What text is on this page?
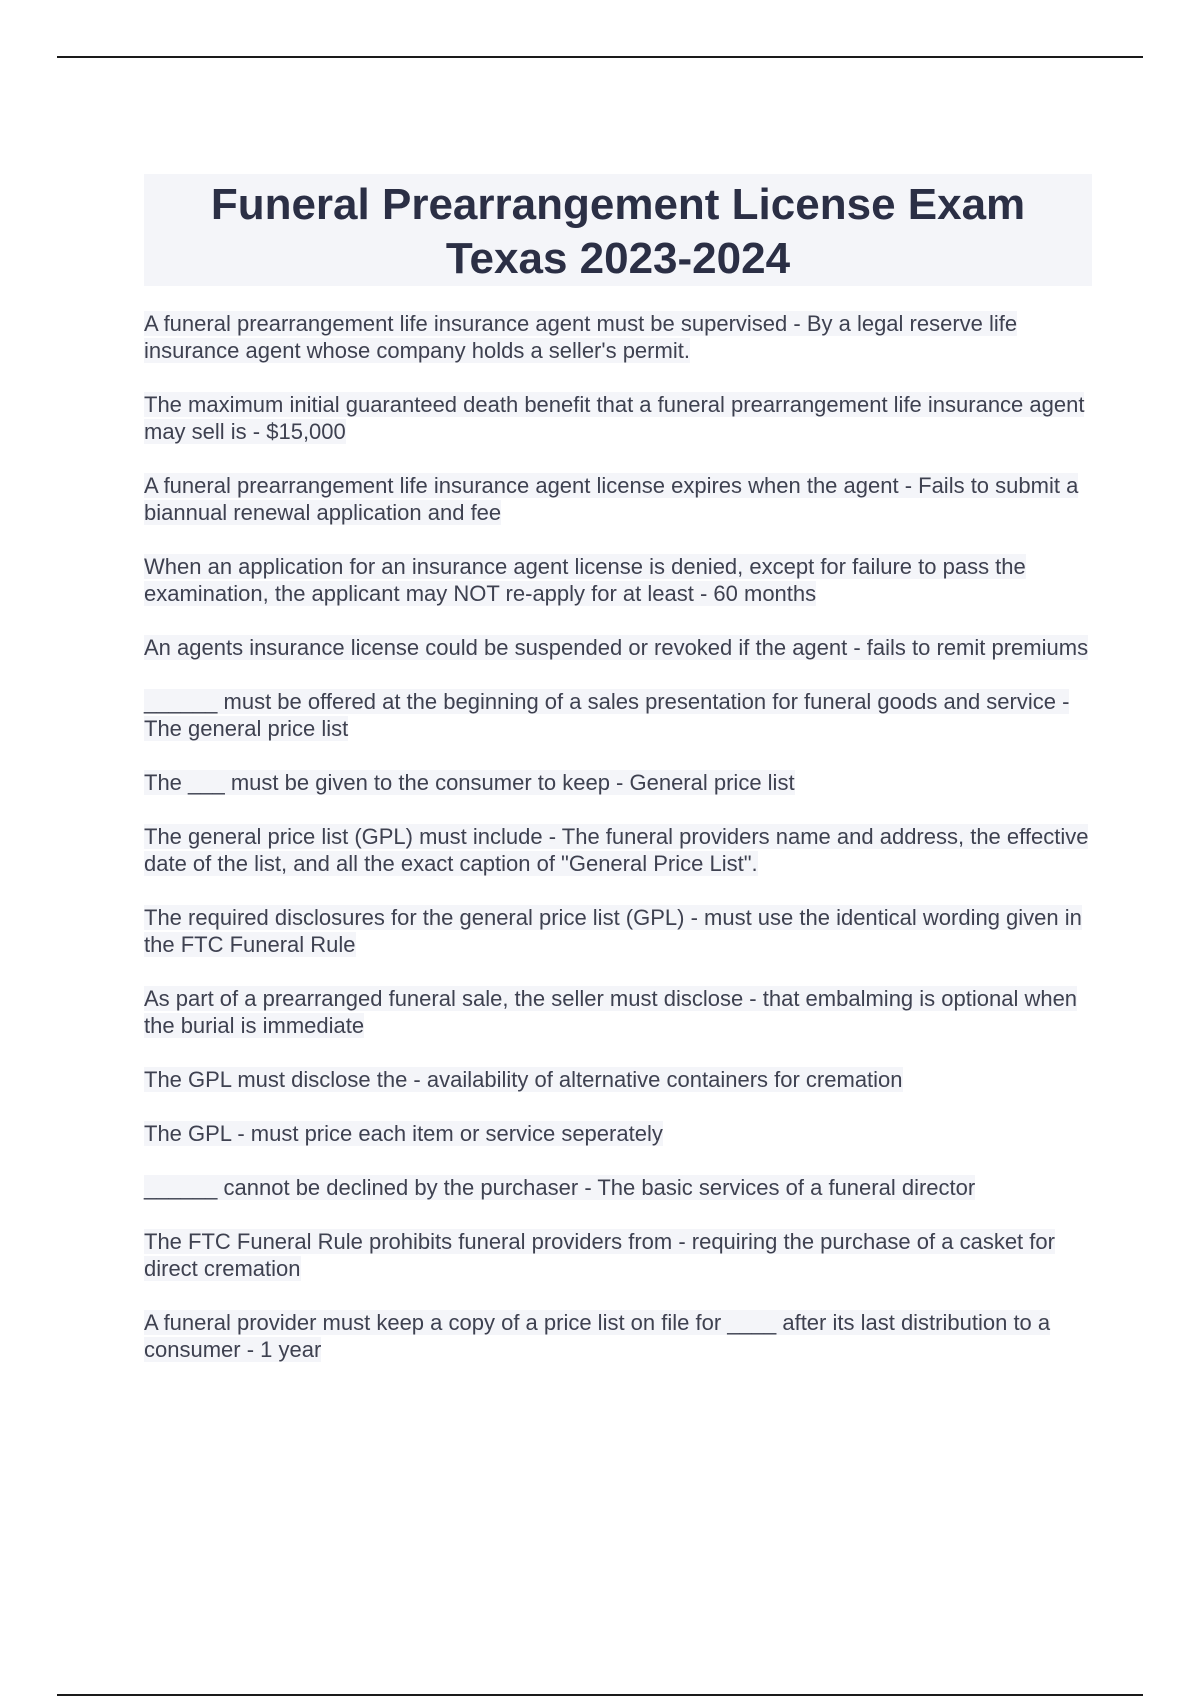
Funeral Prearrangement License Exam
Texas 2023-2024

A funeral prearrangement life insurance agent must be supervised - By a legal reserve life insurance agent whose company holds a seller's permit.

The maximum initial guaranteed death benefit that a funeral prearrangement life insurance agent may sell is - $15,000

A funeral prearrangement life insurance agent license expires when the agent - Fails to submit a biannual renewal application and fee

When an application for an insurance agent license is denied, except for failure to pass the examination, the applicant may NOT re-apply for at least - 60 months

An agents insurance license could be suspended or revoked if the agent - fails to remit premiums

______ must be offered at the beginning of a sales presentation for funeral goods and service - The general price list

The ___ must be given to the consumer to keep - General price list

The general price list (GPL) must include - The funeral providers name and address, the effective date of the list, and all the exact caption of "General Price List".

The required disclosures for the general price list (GPL) - must use the identical wording given in the FTC Funeral Rule

As part of a prearranged funeral sale, the seller must disclose - that embalming is optional when the burial is immediate

The GPL must disclose the - availability of alternative containers for cremation

The GPL - must price each item or service seperately

______ cannot be declined by the purchaser - The basic services of a funeral director

The FTC Funeral Rule prohibits funeral providers from - requiring the purchase of a casket for direct cremation

A funeral provider must keep a copy of a price list on file for ____ after its last distribution to a consumer - 1 year
